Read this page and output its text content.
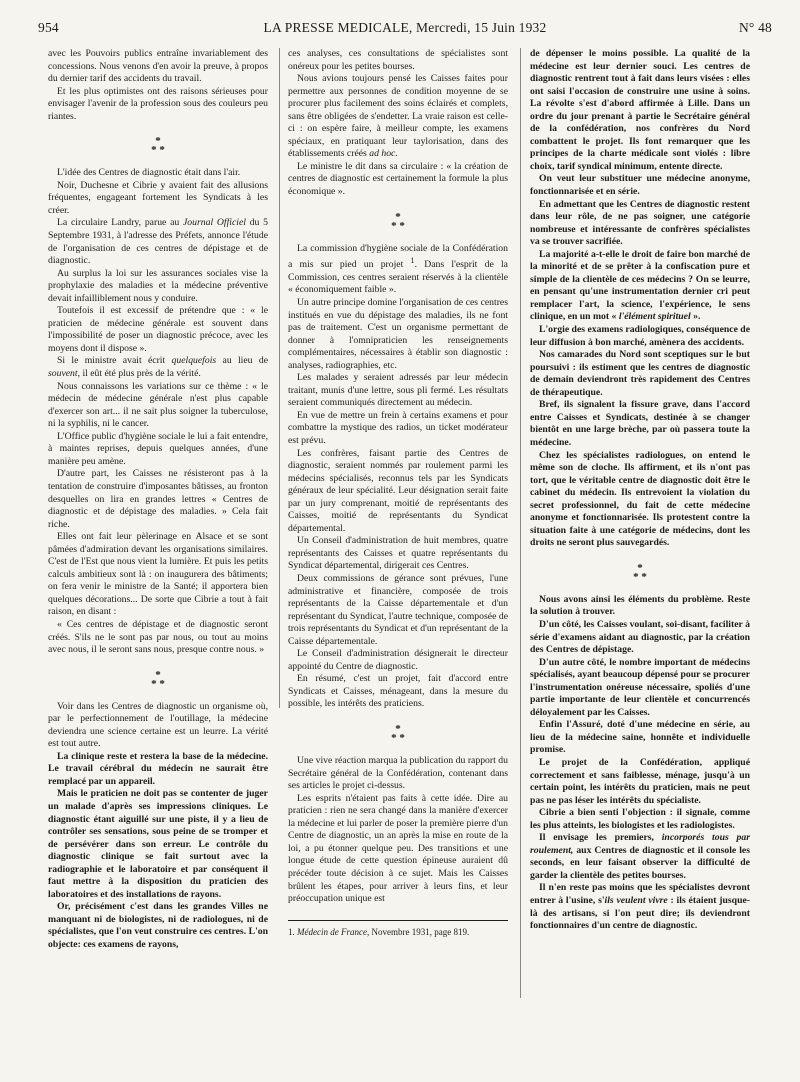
954	LA PRESSE MEDICALE, Mercredi, 15 Juin 1932	N° 48

avec les Pouvoirs publics entraîne invariablement des concessions. Nous venons d'en avoir la preuve, à propos du dernier tarif des accidents du travail.

Et les plus optimistes ont des raisons sérieuses pour envisager l'avenir de la profession sous des couleurs peu riantes.

*
* *

L'idée des Centres de diagnostic était dans l'air.

Noir, Duchesne et Cibrie y avaient fait des allusions fréquentes, engageant fortement les Syndicats à les créer.

La circulaire Landry, parue au Journal Officiel du 5 Septembre 1931, à l'adresse des Préfets, annonce l'étude de l'organisation de ces centres de dépistage et de diagnostic.

Au surplus la loi sur les assurances sociales vise la prophylaxie des maladies et la médecine préventive devait infailliblement nous y conduire.

Toutefois il est excessif de prétendre que : « le praticien de médecine générale est souvent dans l'impossibilité de poser un diagnostic précoce, avec les moyens dont il dispose ».

Si le ministre avait écrit quelquefois au lieu de souvent, il eût été plus près de la vérité.

Nous connaissons les variations sur ce thème : « le médecin de médecine générale n'est plus capable d'exercer son art... il ne sait plus soigner la tuberculose, ni la syphilis, ni le cancer.

L'Office public d'hygiène sociale le lui a fait entendre, à maintes reprises, depuis quelques années, d'une manière peu amène.

D'autre part, les Caisses ne résisteront pas à la tentation de construire d'imposantes bâtisses, au fronton desquelles on lira en grandes lettres « Centres de diagnostic et de dépistage des maladies. » Cela fait riche.

Elles ont fait leur pèlerinage en Alsace et se sont pâmées d'admiration devant les organisations similaires. C'est de l'Est que nous vient la lumière. Et puis les petits calculs ambitieux sont là : on inaugurera des bâtiments; on fera venir le ministre de la Santé; il apportera bien quelques décorations... De sorte que Cibrie a tout à fait raison, en disant :

« Ces centres de dépistage et de diagnostic seront créés. S'ils ne le sont pas par nous, ou tout au moins avec nous, il le seront sans nous, presque contre nous. »

*
* *

Voir dans les Centres de diagnostic un organisme où, par le perfectionnement de l'outillage, la médecine deviendra une science certaine est un leurre. La vérité est tout autre.

La clinique reste et restera la base de la médecine. Le travail cérébral du médecin ne saurait être remplacé par un appareil.

Mais le praticien ne doit pas se contenter de juger un malade d'après ses impressions cliniques. Le diagnostic étant aiguillé sur une piste, il y a lieu de contrôler ses sensations, sous peine de se tromper et de persévérer dans son erreur. Le contrôle du diagnostic clinique se fait surtout avec la radiographie et le laboratoire et par conséquent il faut mettre à la disposition du praticien des laboratoires et des installations de rayons.

Or, précisément c'est dans les grandes Villes ne manquant ni de biologistes, ni de radiologues, ni de spécialistes, que l'on veut construire ces centres. L'on objecte: ces examens de rayons,

ces analyses, ces consultations de spécialistes sont onéreux pour les petites bourses.

Nous avions toujours pensé les Caisses faites pour permettre aux personnes de condition moyenne de se procurer plus facilement des soins éclairés et complets, sans être obligées de s'endetter. La vraie raison est celle-ci : on espère faire, à meilleur compte, les examens spéciaux, en pratiquant leur taylorisation, dans des établissements créés ad hoc.

Le ministre le dit dans sa circulaire : « la création de centres de diagnostic est certainement la formule la plus économique ».

*
* *

La commission d'hygiène sociale de la Confédération a mis sur pied un projet $^1$. Dans l'esprit de la Commission, ces centres seraient réservés à la clientèle « économiquement faible ».

Un autre principe domine l'organisation de ces centres institués en vue du dépistage des maladies, ils ne font pas de traitement. C'est un organisme permettant de donner à l'omnipraticien les renseignements complémentaires, nécessaires à établir son diagnostic : analyses, radiographies, etc.

Les malades y seraient adressés par leur médecin traitant, munis d'une lettre, sous pli fermé. Les résultats seraient communiqués directement au médecin.

En vue de mettre un frein à certains examens et pour combattre la mystique des radios, un ticket modérateur est prévu.

Les confrères, faisant partie des Centres de diagnostic, seraient nommés par roulement parmi les médecins spécialisés, reconnus tels par les Syndicats généraux de leur spécialité. Leur désignation serait faite par un jury comprenant, moitié de représentants des Caisses, moitié de représentants du Syndicat départemental.

Un Conseil d'administration de huit membres, quatre représentants des Caisses et quatre représentants du Syndicat départemental, dirigerait ces Centres.

Deux commissions de gérance sont prévues, l'une administrative et financière, composée de trois représentants de la Caisse départementale et d'un représentant du Syndicat, l'autre technique, composée de trois représentants du Syndicat et d'un représentant de la Caisse départementale.

Le Conseil d'administration désignerait le directeur appointé du Centre de diagnostic.

En résumé, c'est un projet, fait d'accord entre Syndicats et Caisses, ménageant, dans la mesure du possible, les intérêts des praticiens.

*
* *

Une vive réaction marqua la publication du rapport du Secrétaire général de la Confédération, contenant dans ses articles le projet ci-dessus.

Les esprits n'étaient pas faits à cette idée. Dire au praticien : rien ne sera changé dans la manière d'exercer la médecine et lui parler de poser la première pierre d'un Centre de diagnostic, un an après la mise en route de la loi, a pu étonner quelque peu. Des transitions et une longue étude de cette question épineuse auraient dû précéder toute décision à ce sujet. Mais les Caisses brûlent les étapes, pour arriver à leurs fins, et leur préoccupation unique est

1. Médecin de France, Novembre 1931, page 819.

de dépenser le moins possible. La qualité de la médecine est leur dernier souci. Les centres de diagnostic rentrent tout à fait dans leurs visées : elles ont saisi l'occasion de construire une usine à soins. La révolte s'est d'abord affirmée à Lille. Dans un ordre du jour prenant à partie le Secrétaire général de la confédération, nos confrères du Nord combattent le projet. Ils font remarquer que les principes de la charte médicale sont violés : libre choix, tarif syndical minimum, entente directe.

On veut leur substituer une médecine anonyme, fonctionnarisée et en série.

En admettant que les Centres de diagnostic restent dans leur rôle, de ne pas soigner, une catégorie nombreuse et intéressante de confrères spécialistes va se trouver sacrifiée.

La majorité a-t-elle le droit de faire bon marché de la minorité et de se prêter à la confiscation pure et simple de la clientèle de ces médecins ? On se leurre, en pensant qu'une instrumentation dernier cri peut remplacer l'art, la science, l'expérience, le sens clinique, en un mot « l'élément spirituel ».

L'orgie des examens radiologiques, conséquence de leur diffusion à bon marché, amènera des accidents.

Nos camarades du Nord sont sceptiques sur le but poursuivi : ils estiment que les centres de diagnostic de demain deviendront très rapidement des Centres de thérapeutique.

Bref, ils signalent la fissure grave, dans l'accord entre Caisses et Syndicats, destinée à se changer bientôt en une large brèche, par où passera toute la médecine.

Chez les spécialistes radiologues, on entend le même son de cloche. Ils affirment, et ils n'ont pas tort, que le véritable centre de diagnostic doit être le cabinet du médecin. Ils entrevoient la violation du secret professionnel, du fait de cette médecine anonyme et fonctionnarisée. Ils protestent contre la situation faite à une catégorie de médecins, dont les droits ne seront plus sauvegardés.

*
* *

Nous avons ainsi les éléments du problème. Reste la solution à trouver.

D'un côté, les Caisses voulant, soi-disant, faciliter à série d'examens aidant au diagnostic, par la création des Centres de dépistage.

D'un autre côté, le nombre important de médecins spécialisés, ayant beaucoup dépensé pour se procurer l'instrumentation onéreuse nécessaire, spoliés d'une partie importante de leur clientèle et concurrencés déloyalement par les Caisses.

Enfin l'Assuré, doté d'une médecine en série, au lieu de la médecine saine, honnête et individuelle promise.

Le projet de la Confédération, appliqué correctement et sans faiblesse, ménage, jusqu'à un certain point, les intérêts du praticien, mais ne peut pas ne pas léser les intérêts du spécialiste.

Cibrie a bien senti l'objection : il signale, comme les plus atteints, les biologistes et les radiologistes.

Il envisage les premiers, incorporés tous par roulement, aux Centres de diagnostic et il console les seconds, en leur faisant observer la difficulté de garder la clientèle des petites bourses.

Il n'en reste pas moins que les spécialistes devront entrer à l'usine, s'ils veulent vivre : ils étaient jusque-là des artisans, si l'on peut dire; ils deviendront fonctionnaires d'un centre de diagnostic.
